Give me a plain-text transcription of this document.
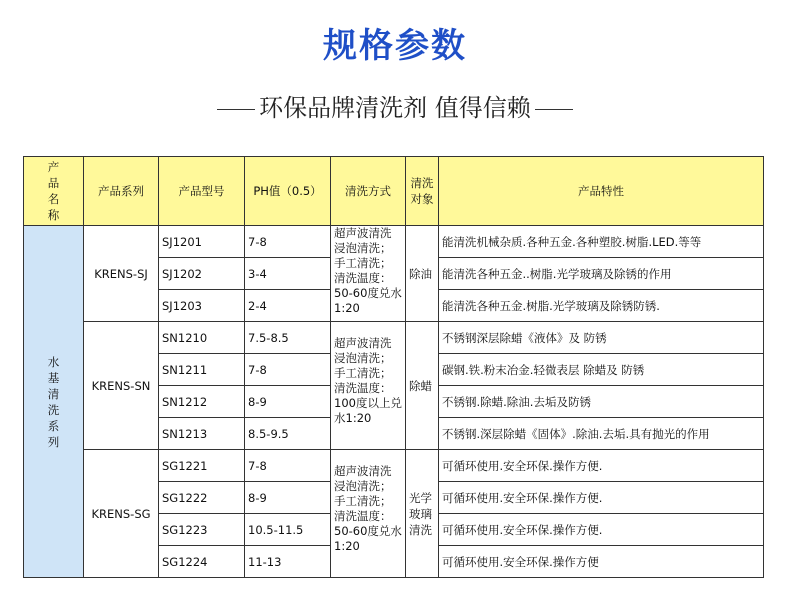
规格参数
环保品牌清洗剂 值得信赖
产品名称	产品系列	产品型号	PH值（0.5）	清洗方式	清洗对象	产品特性
水基清洗系列	KRENS-SJ	SJ1201	7-8	超声波清洗浸泡清洗；手工清洗；清洗温度：50-60度兑水1:20	除油	能清洗机械杂质.各种五金.各种塑胶.树脂.LED.等等
		SJ1202	3-4			能清洗各种五金..树脂.光学玻璃及除锈的作用
		SJ1203	2-4			能清洗各种五金.树脂.光学玻璃及除锈防锈.
	KRENS-SN	SN1210	7.5-8.5	超声波清洗浸泡清洗；手工清洗；清洗温度：100度以上兑水1:20	除蜡	不锈钢深层除蜡《液体》及 防锈
		SN1211	7-8			碳钢.铁.粉末冶金.轻微表层 除蜡及 防锈
		SN1212	8-9			不锈钢.除蜡.除油.去垢及防锈
		SN1213	8.5-9.5			不锈钢.深层除蜡《固体》.除油.去垢.具有抛光的作用
	KRENS-SG	SG1221	7-8	超声波清洗浸泡清洗；手工清洗；清洗温度：50-60度兑水1:20	光学玻璃清洗	可循环使用.安全环保.操作方便.
		SG1222	8-9			可循环使用.安全环保.操作方便.
		SG1223	10.5-11.5			可循环使用.安全环保.操作方便.
		SG1224	11-13			可循环使用.安全环保.操作方便
